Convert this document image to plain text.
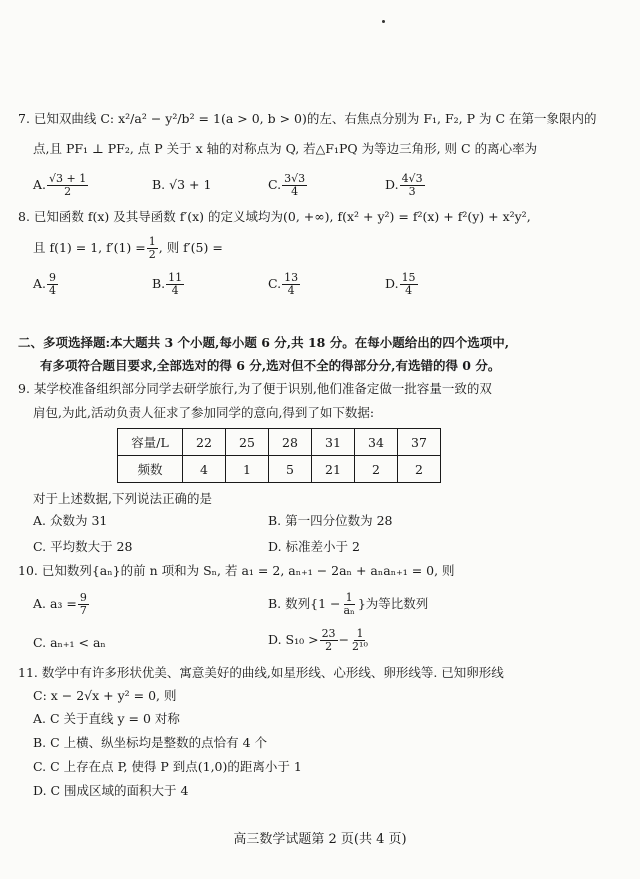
7. 已知双曲线 C: x²/a² − y²/b² = 1(a > 0, b > 0)的左、右焦点分别为 F₁, F₂, P 为 C 在第一象限内的
点,且 PF₁ ⊥ PF₂, 点 P 关于 x 轴的对称点为 Q, 若△F₁PQ 为等边三角形, 则 C 的离心率为
A. $\frac{√3 + 1}{2}$	B. √3 + 1	C. $\frac{3√3}{4}$	D. $\frac{4√3}{3}$
8. 已知函数 f(x) 及其导函数 f′(x) 的定义域均为(0, +∞), f(x² + y²) = f²(x) + f²(y) + x²y²,
且 f(1) = 1, $f'(1) = \frac{1}{2}$ , 则 f′(5) =
A. $\frac{9}{4}$	B. $\frac{11}{4}$	C. $\frac{13}{4}$	D. $\frac{15}{4}$
二、多项选择题:本大题共 3 个小题,每小题 6 分,共 18 分。在每小题给出的四个选项中,
有多项符合题目要求,全部选对的得 6 分,选对但不全的得部分分,有选错的得 0 分。
9. 某学校准备组织部分同学去研学旅行,为了便于识别,他们准备定做一批容量一致的双
肩包,为此,活动负责人征求了参加同学的意向,得到了如下数据:
容量/L	22	25	28	31	34	37
频数	4	1	5	21	2	2
对于上述数据,下列说法正确的是
A. 众数为 31	B. 第一四分位数为 28
C. 平均数大于 28	D. 标准差小于 2
10. 已知数列{aₙ}的前 n 项和为 Sₙ, 若 a₁ = 2, aₙ₊₁ − 2aₙ + aₙaₙ₊₁ = 0, 则
A. $a_3 = \frac{9}{7}$	B. 数列{$1 - \frac{1}{\text{aₙ}}$ }为等比数列
C. aₙ₊₁ < aₙ	D. $S_{10} > \frac{23}{2} - \frac{1}{\text{2¹⁰}}$
11. 数学中有许多形状优美、寓意美好的曲线,如星形线、心形线、卵形线等. 已知卵形线
C: x − 2√x + y² = 0, 则
A. C 关于直线 y = 0 对称
B. C 上横、纵坐标均是整数的点恰有 4 个
C. C 上存在点 P, 使得 P 到点(1,0)的距离小于 1
D. C 围成区域的面积大于 4
高三数学试题第 2 页(共 4 页)
